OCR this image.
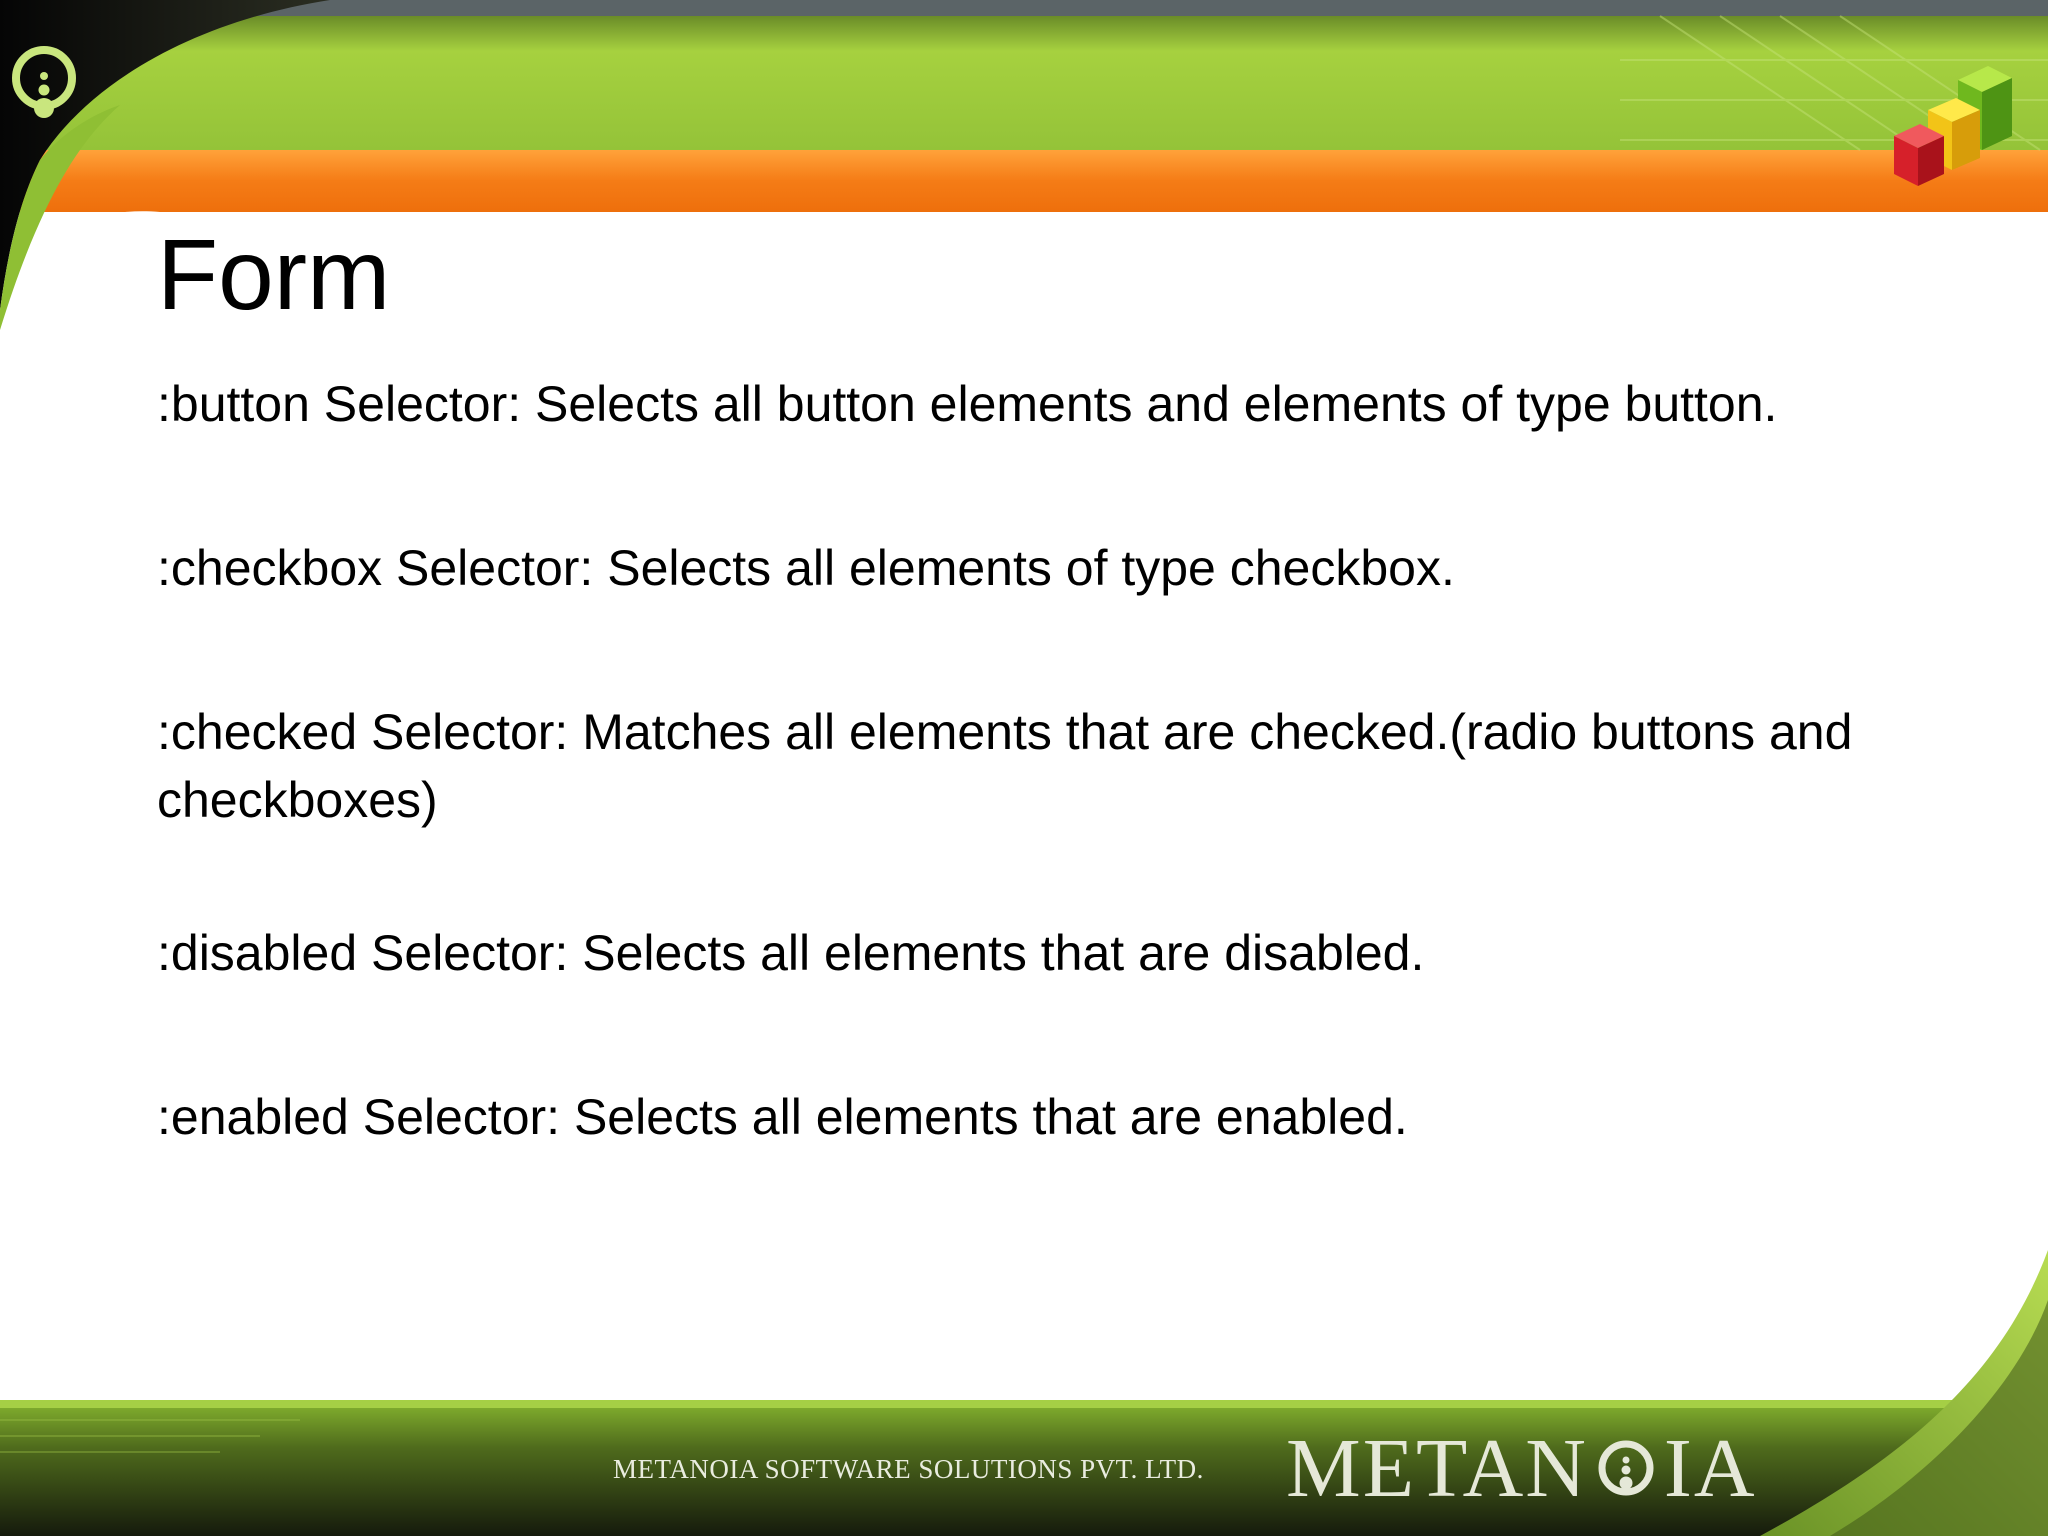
Form
:button Selector: Selects all button elements and elements of type button.
:checkbox Selector: Selects all elements of type checkbox.
:checked Selector: Matches all elements that are checked.(radio buttons and checkboxes)
:disabled Selector: Selects all elements that are disabled.
:enabled Selector: Selects all elements that are enabled.
METANOIA SOFTWARE SOLUTIONS PVT. LTD. METAN IA
